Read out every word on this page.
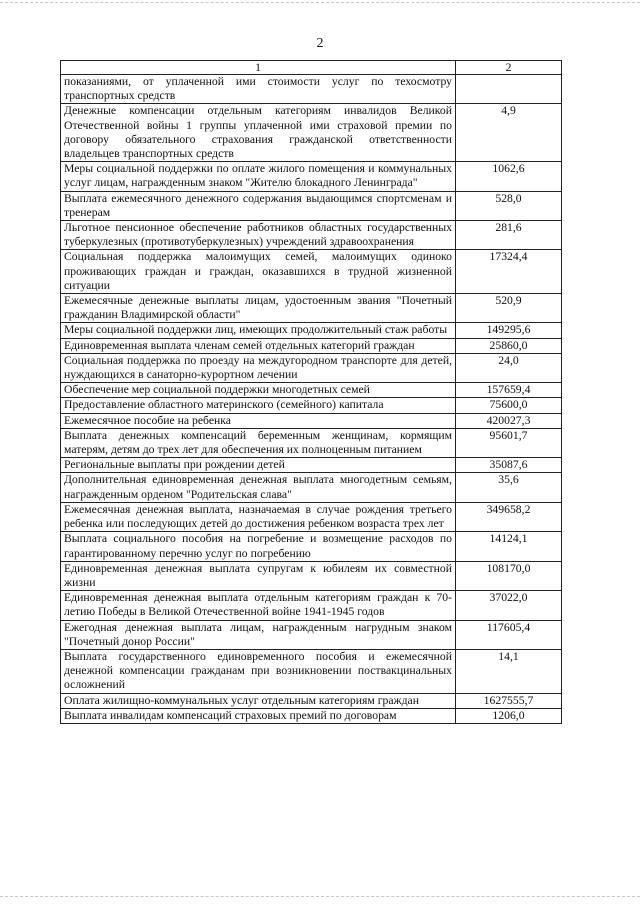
2
1	2
показаниями, от уплаченной ими стоимости услуг по техосмотру транспортных средств	
Денежные компенсации отдельным категориям инвалидов Великой Отечественной войны 1 группы уплаченной ими страховой премии по договору обязательного страхования гражданской ответственности владельцев транспортных средств	4,9
Меры социальной поддержки по оплате жилого помещения и коммунальных услуг лицам, награжденным знаком "Жителю блокадного Ленинграда"	1062,6
Выплата ежемесячного денежного содержания выдающимся спортсменам и тренерам	528,0
Льготное пенсионное обеспечение работников областных государственных туберкулезных (противотуберкулезных) учреждений здравоохранения	281,6
Социальная поддержка малоимущих семей, малоимущих одиноко проживающих граждан и граждан, оказавшихся в трудной жизненной ситуации	17324,4
Ежемесячные денежные выплаты лицам, удостоенным звания "Почетный гражданин Владимирской области"	520,9
Меры социальной поддержки лиц, имеющих продолжительный стаж работы	149295,6
Единовременная выплата членам семей отдельных категорий граждан	25860,0
Социальная поддержка по проезду на междугородном транспорте для детей, нуждающихся в санаторно-курортном лечении	24,0
Обеспечение мер социальной поддержки многодетных семей	157659,4
Предоставление областного материнского (семейного) капитала	75600,0
Ежемесячное пособие на ребенка	420027,3
Выплата денежных компенсаций беременным женщинам, кормящим матерям, детям до трех лет для обеспечения их полноценным питанием	95601,7
Региональные выплаты при рождении детей	35087,6
Дополнительная единовременная денежная выплата многодетным семьям, награжденным орденом "Родительская слава"	35,6
Ежемесячная денежная выплата, назначаемая в случае рождения третьего ребенка или последующих детей до достижения ребенком возраста трех лет	349658,2
Выплата социального пособия на погребение и возмещение расходов по гарантированному перечню услуг по погребению	14124,1
Единовременная денежная выплата супругам к юбилеям их совместной жизни	108170,0
Единовременная денежная выплата отдельным категориям граждан к 70-летию Победы в Великой Отечественной войне 1941-1945 годов	37022,0
Ежегодная денежная выплата лицам, награжденным нагрудным знаком "Почетный донор России"	117605,4
Выплата государственного единовременного пособия и ежемесячной денежной компенсации гражданам при возникновении поствакцинальных осложнений	14,1
Оплата жилищно-коммунальных услуг отдельным категориям граждан	1627555,7
Выплата инвалидам компенсаций страховых премий по договорам	1206,0
